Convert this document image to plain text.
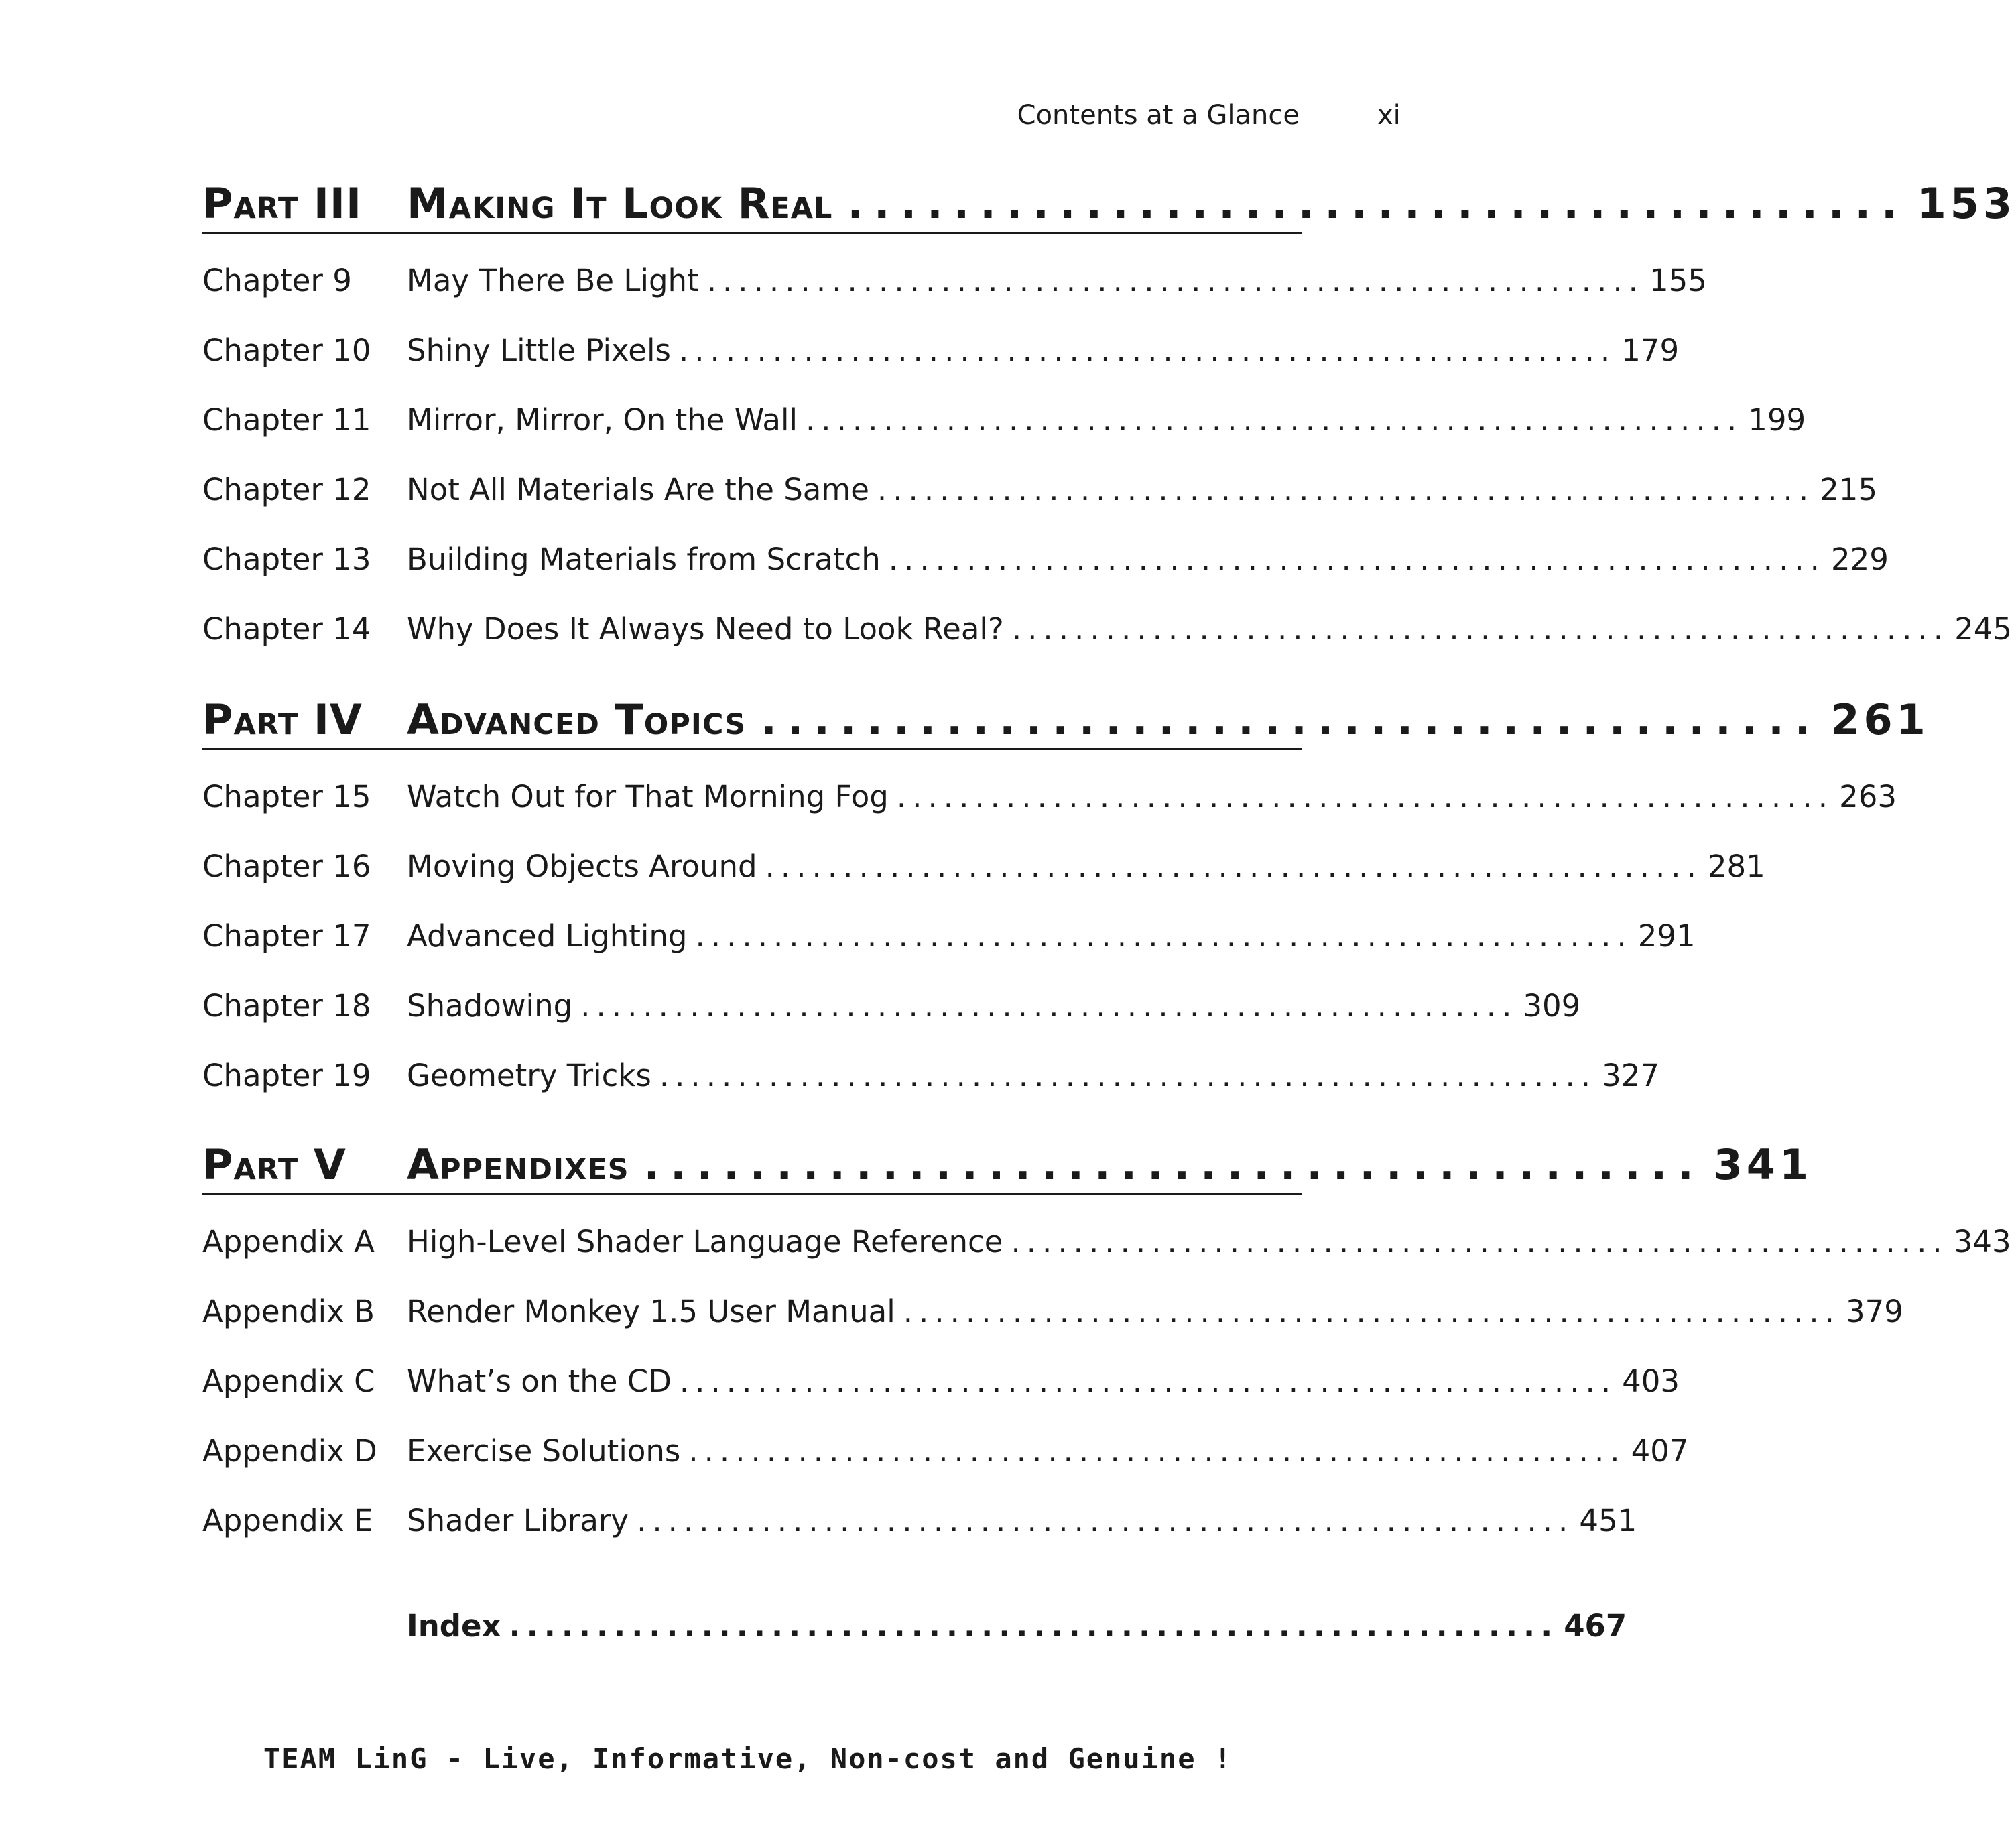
Contents at a Glance	xi
Part III Making It Look Real ........................................ 153
Chapter 9 May There Be Light ............................................................ 155
Chapter 10 Shiny Little Pixels ............................................................ 179
Chapter 11 Mirror, Mirror, On the Wall ............................................................ 199
Chapter 12 Not All Materials Are the Same ............................................................ 215
Chapter 13 Building Materials from Scratch ............................................................ 229
Chapter 14 Why Does It Always Need to Look Real? ............................................................ 245
Part IV Advanced Topics ........................................ 261
Chapter 15 Watch Out for That Morning Fog ............................................................ 263
Chapter 16 Moving Objects Around ............................................................ 281
Chapter 17 Advanced Lighting ............................................................ 291
Chapter 18 Shadowing ............................................................ 309
Chapter 19 Geometry Tricks ............................................................ 327
Part V Appendixes ........................................ 341
Appendix A High-Level Shader Language Reference ............................................................ 343
Appendix B Render Monkey 1.5 User Manual ............................................................ 379
Appendix C What’s on the CD ............................................................ 403
Appendix D Exercise Solutions ............................................................ 407
Appendix E Shader Library ............................................................ 451
Index ............................................................ 467
TEAM LinG - Live, Informative, Non-cost and Genuine !
